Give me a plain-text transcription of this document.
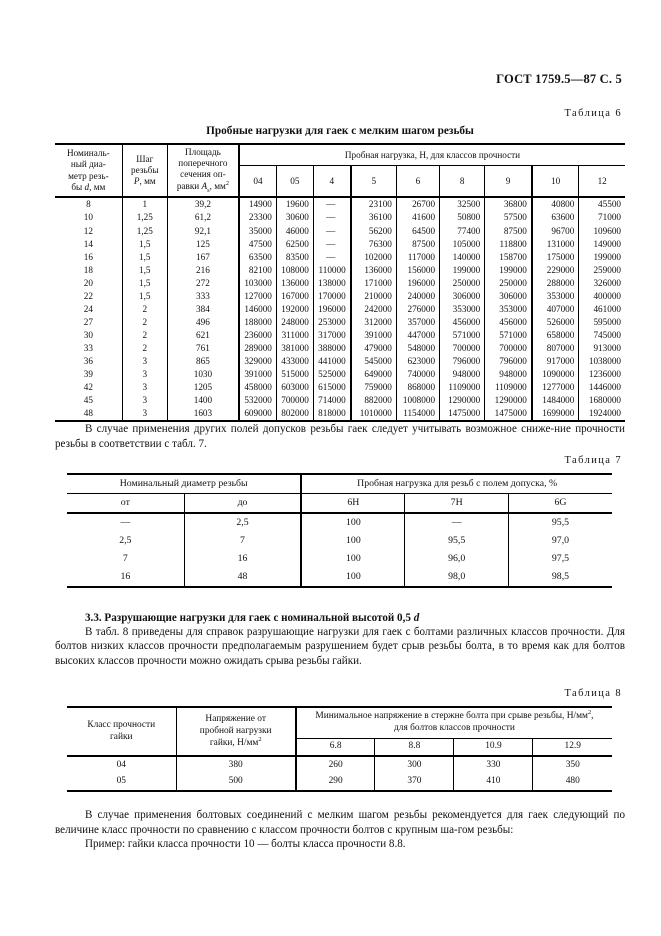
ГОСТ 1759.5—87 С. 5
Таблица 6
Пробные нагрузки для гаек с мелким шагом резьбы
Номиналь-
ный диа-
метр резь-
бы d, мм	Шаг
резьбы
P, мм	Площадь
поперечного
сечения оп-
равки $A_s$, $мм^2$	Пробная нагрузка, Н, для классов прочности								
			04	05	4	5	6	8	9	10	12
8	1	39,2	14900	19600	—	23100	26700	32500	36800	40800	45500
10	1,25	61,2	23300	30600	—	36100	41600	50800	57500	63600	71000
12	1,25	92,1	35000	46000	—	56200	64500	77400	87500	96700	109600
14	1,5	125	47500	62500	—	76300	87500	105000	118800	131000	149000
16	1,5	167	63500	83500	—	102000	117000	140000	158700	175000	199000
18	1,5	216	82100	108000	110000	136000	156000	199000	199000	229000	259000
20	1,5	272	103000	136000	138000	171000	196000	250000	250000	288000	326000
22	1,5	333	127000	167000	170000	210000	240000	306000	306000	353000	400000
24	2	384	146000	192000	196000	242000	276000	353000	353000	407000	461000
27	2	496	188000	248000	253000	312000	357000	456000	456000	526000	595000
30	2	621	236000	311000	317000	391000	447000	571000	571000	658000	745000
33	2	761	289000	381000	388000	479000	548000	700000	700000	807000	913000
36	3	865	329000	433000	441000	545000	623000	796000	796000	917000	1038000
39	3	1030	391000	515000	525000	649000	740000	948000	948000	1090000	1236000
42	3	1205	458000	603000	615000	759000	868000	1109000	1109000	1277000	1446000
45	3	1400	532000	700000	714000	882000	1008000	1290000	1290000	1484000	1680000
48	3	1603	609000	802000	818000	1010000	1154000	1475000	1475000	1699000	1924000

В случае применения других полей допусков резьбы гаек следует учитывать возможное сниже-ние прочности резьбы в соответствии с табл. 7.

Таблица 7
Номинальный диаметр резьбы		Пробная нагрузка для резьб с полем допуска, %		
от	до	6H	7H	6G
—	2,5	100	—	95,5
2,5	7	100	95,5	97,0
7	16	100	96,0	97,5
16	48	100	98,0	98,5
3.3. Разрушающие нагрузки для гаек с номинальной высотой 0,5 d

В табл. 8 приведены для справок разрушающие нагрузки для гаек с болтами различных классов прочности. Для болтов низких классов прочности предполагаемым разрушением будет срыв резьбы болта, в то время как для болтов высоких классов прочности можно ожидать срыва резьбы гайки.

Таблица 8
Класс прочности
гайки	Напряжение от
пробной нагрузки
гайки, $Н/мм^2$	Минимальное напряжение в стержне болта при срыве резьбы, $Н/мм^2$,
для болтов классов прочности			
		6.8	8.8	10.9	12.9
04	380	260	300	330	350
05	500	290	370	410	480

В случае применения болтовых соединений с мелким шагом резьбы рекомендуется для гаек следующий по величине класс прочности по сравнению с классом прочности болтов с крупным ша-гом резьбы:

Пример: гайки класса прочности 10 — болты класса прочности 8.8.
